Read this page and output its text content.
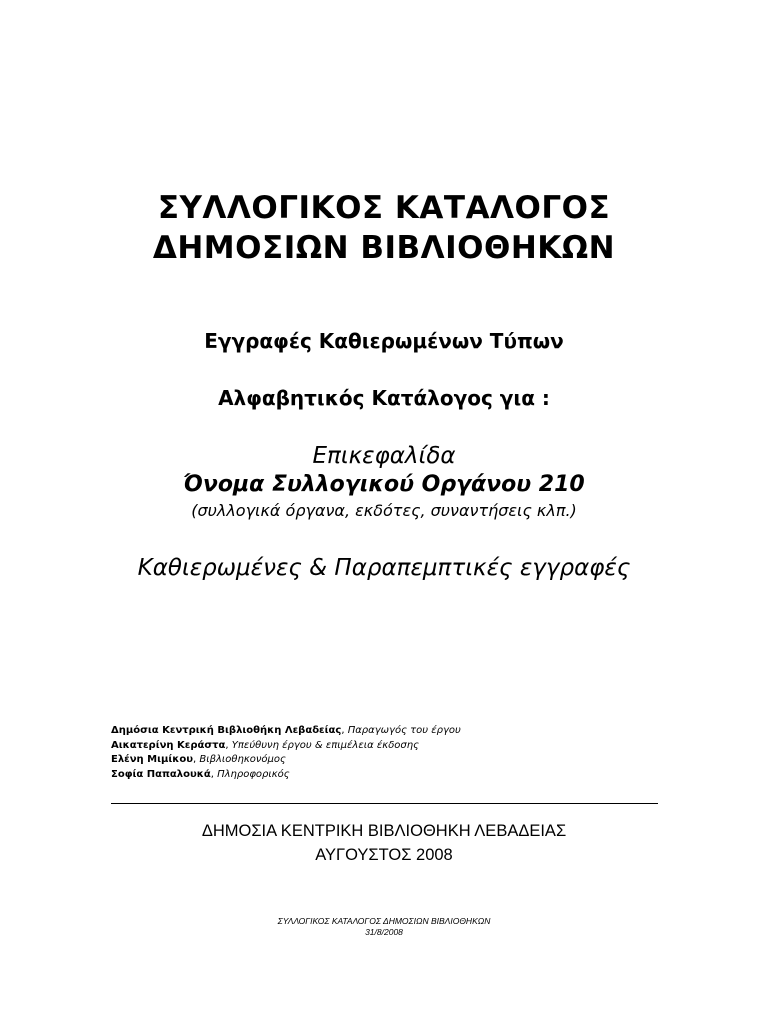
ΣΥΛΛΟΓΙΚΟΣ ΚΑΤΑΛΟΓΟΣ
ΔΗΜΟΣΙΩΝ ΒΙΒΛΙΟΘΗΚΩΝ
Εγγραφές Καθιερωμένων Τύπων
Αλφαβητικός Κατάλογος για :
Επικεφαλίδα
Όνομα Συλλογικού Οργάνου 210
(συλλογικά όργανα, εκδότες, συναντήσεις κλπ.)
Καθιερωμένες & Παραπεμπτικές εγγραφές
Δημόσια Κεντρική Βιβλιοθήκη Λεβαδείας, Παραγωγός του έργου
Αικατερίνη Κεράστα, Υπεύθυνη έργου & επιμέλεια έκδοσης
Ελένη Μιμίκου, Βιβλιοθηκονόμος
Σοφία Παπαλουκά, Πληροφορικός
ΔΗΜΟΣΙΑ ΚΕΝΤΡΙΚΗ ΒΙΒΛΙΟΘΗΚΗ ΛΕΒΑΔΕΙΑΣ
ΑΥΓΟΥΣΤΟΣ 2008
ΣΥΛΛΟΓΙΚΟΣ ΚΑΤΑΛΟΓΟΣ ΔΗΜΟΣΙΩΝ ΒΙΒΛΙΟΘΗΚΩΝ
31/8/2008
